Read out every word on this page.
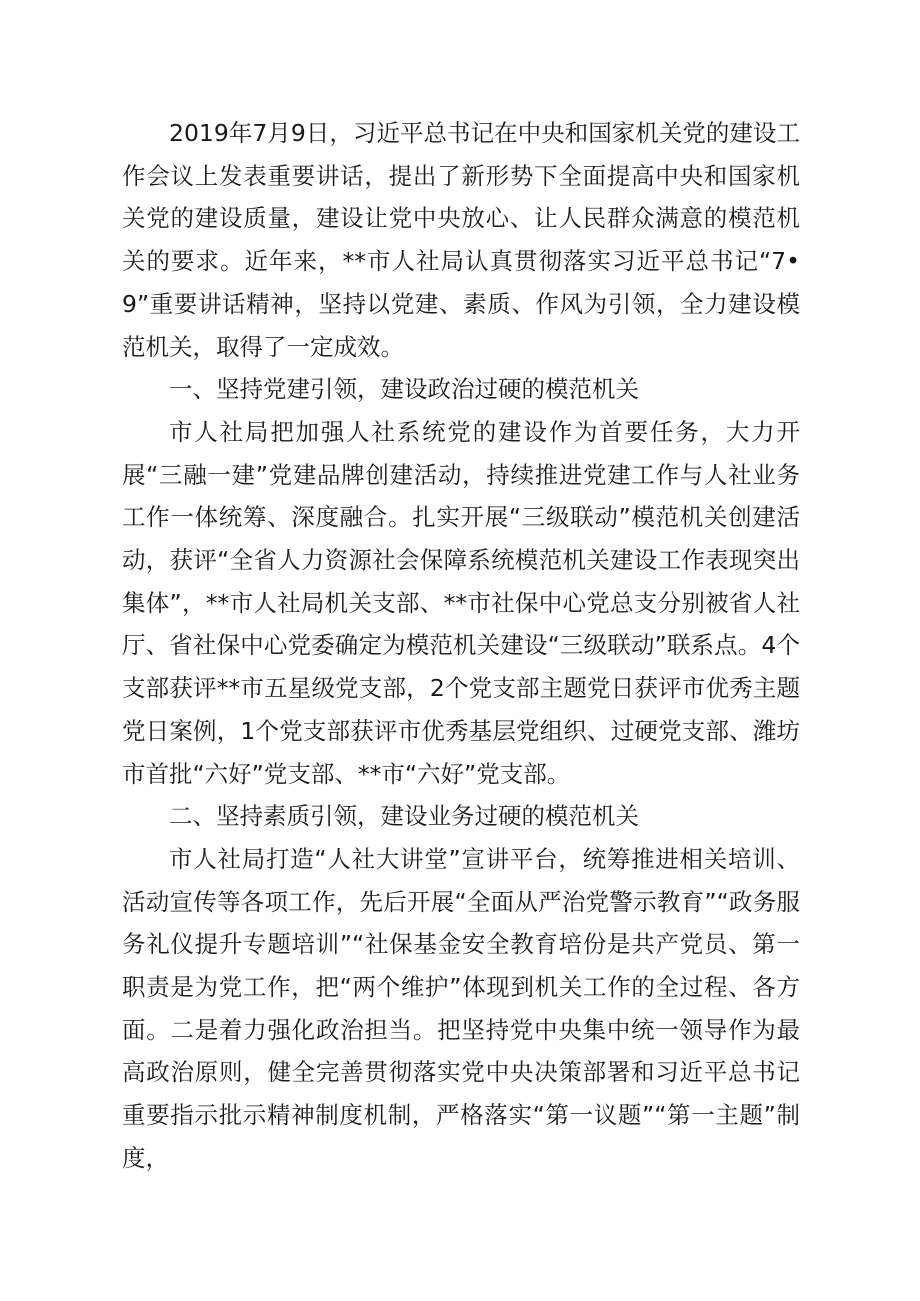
2019年7月9日，习近平总书记在中央和国家机关党的建设工作会议上发表重要讲话，提出了新形势下全面提高中央和国家机关党的建设质量，建设让党中央放心、让人民群众满意的模范机关的要求。近年来，**市人社局认真贯彻落实习近平总书记“7•9”重要讲话精神，坚持以党建、素质、作风为引领，全力建设模范机关，取得了一定成效。

一、坚持党建引领，建设政治过硬的模范机关

市人社局把加强人社系统党的建设作为首要任务，大力开展“三融一建”党建品牌创建活动，持续推进党建工作与人社业务工作一体统筹、深度融合。扎实开展“三级联动”模范机关创建活动，获评“全省人力资源社会保障系统模范机关建设工作表现突出集体”，**市人社局机关支部、**市社保中心党总支分别被省人社厅、省社保中心党委确定为模范机关建设“三级联动”联系点。4个支部获评**市五星级党支部，2个党支部主题党日获评市优秀主题党日案例，1个党支部获评市优秀基层党组织、过硬党支部、潍坊市首批“六好”党支部、**市“六好”党支部。

二、坚持素质引领，建设业务过硬的模范机关

市人社局打造“人社大讲堂”宣讲平台，统筹推进相关培训、活动宣传等各项工作，先后开展“全面从严治党警示教育”“政务服务礼仪提升专题培训”“社保基金安全教育培份是共产党员、第一职责是为党工作，把“两个维护”体现到机关工作的全过程、各方面。二是着力强化政治担当。把坚持党中央集中统一领导作为最高政治原则，健全完善贯彻落实党中央决策部署和习近平总书记重要指示批示精神制度机制，严格落实“第一议题”“第一主题”制度，
